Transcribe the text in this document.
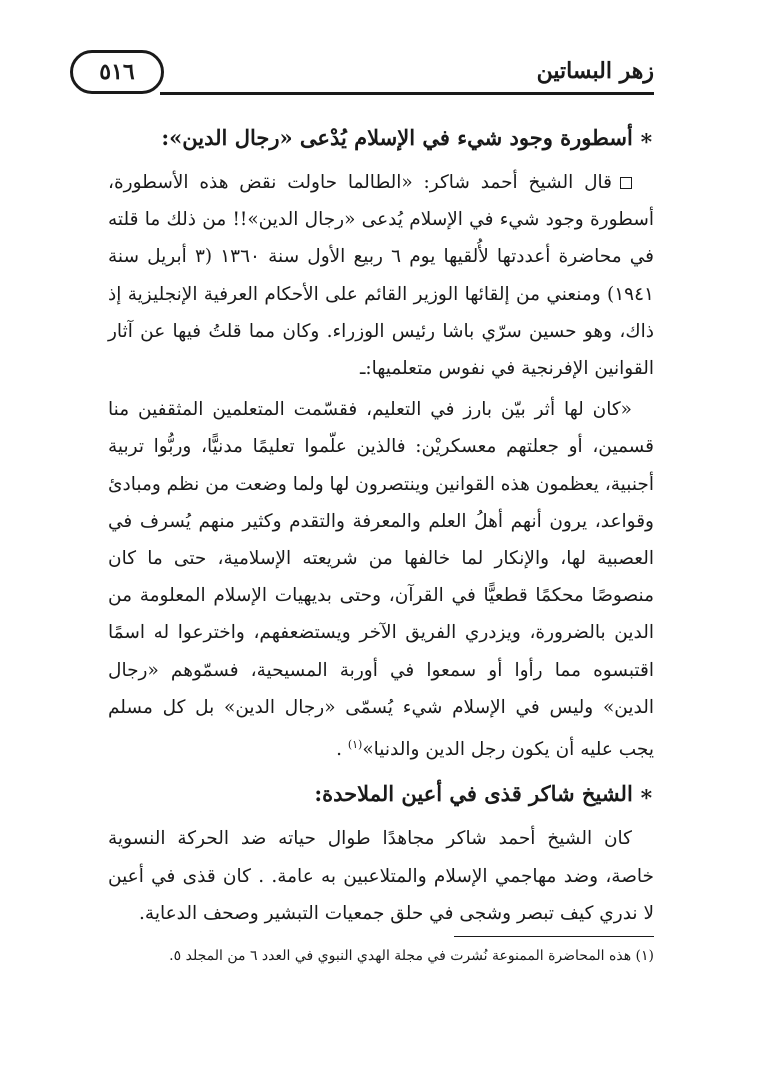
زهر البساتين
٥١٦
∗أسطورة وجود شيء في الإسلام يُدْعى «رجال الدين»:

قال الشيخ أحمد شاكر: «الطالما حاولت نقض هذه الأسطورة، أسطورة وجود شيء في الإسلام يُدعى «رجال الدين»!! من ذلك ما قلته في محاضرة أعددتها لأُلقيها يوم ٦ ربيع الأول سنة ١٣٦٠ (٣ أبريل سنة ١٩٤١) ومنعني من إلقائها الوزير القائم على الأحكام العرفية الإنجليزية إذ ذاك، وهو حسين سرّي باشا رئيس الوزراء. وكان مما قلتُ فيها عن آثار القوانين الإفرنجية في نفوس متعلميها:ـ

«كان لها أثر بيّن بارز في التعليم، فقسّمت المتعلمين المثقفين منا قسمين، أو جعلتهم معسكريْن: فالذين علّموا تعليمًا مدنيًّا، وربُّوا تربية أجنبية، يعظمون هذه القوانين وينتصرون لها ولما وضعت من نظم ومبادئ وقواعد، يرون أنهم أهلُ العلم والمعرفة والتقدم وكثير منهم يُسرف في العصبية لها، والإنكار لما خالفها من شريعته الإسلامية، حتى ما كان منصوصًا محكمًا قطعيًّا في القرآن، وحتى بديهيات الإسلام المعلومة من الدين بالضرورة، ويزدري الفريق الآخر ويستضعفهم، واخترعوا له اسمًا اقتبسوه مما رأوا أو سمعوا في أوربة المسيحية، فسمّوهم «رجال الدين» وليس في الإسلام شيء يُسمّى «رجال الدين» بل كل مسلم يجب عليه أن يكون رجل الدين والدنيا»$^{(١)}$ .

∗الشيخ شاكر قذى في أعين الملاحدة:

كان الشيخ أحمد شاكر مجاهدًا طوال حياته ضد الحركة النسوية خاصة، وضد مهاجمي الإسلام والمتلاعبين به عامة. . كان قذى في أعين لا ندري كيف تبصر وشجى في حلق جمعيات التبشير وصحف الدعاية.

(١) هذه المحاضرة الممنوعة نُشرت في مجلة الهدي النبوي في العدد ٦ من المجلد ٥.
